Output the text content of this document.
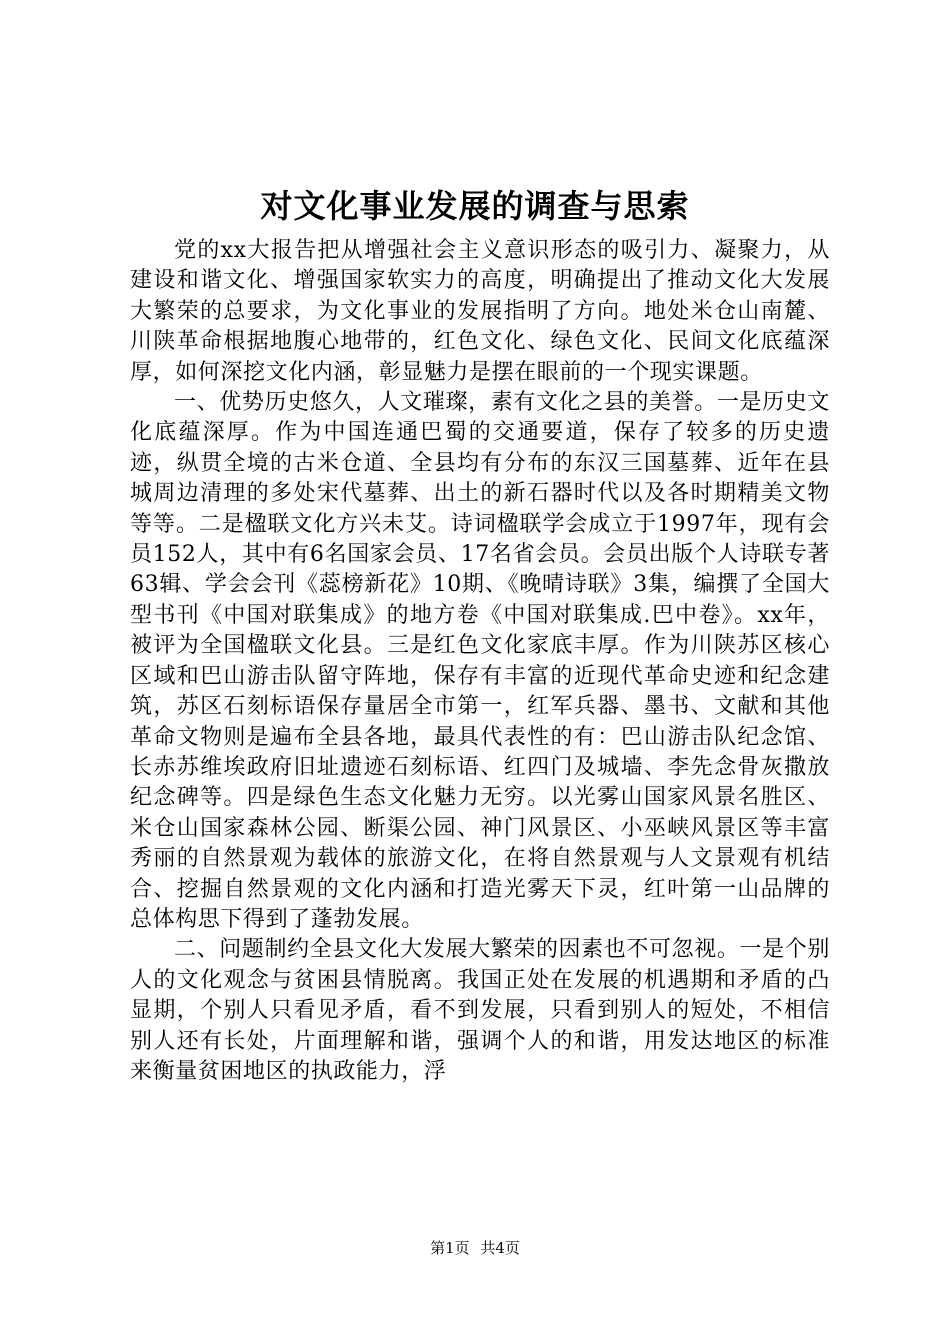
对文化事业发展的调查与思索

党的xx大报告把从增强社会主义意识形态的吸引力、凝聚力，从建设和谐文化、增强国家软实力的高度，明确提出了推动文化大发展大繁荣的总要求，为文化事业的发展指明了方向。地处米仓山南麓、川陕革命根据地腹心地带的，红色文化、绿色文化、民间文化底蕴深厚，如何深挖文化内涵，彰显魅力是摆在眼前的一个现实课题。

一、优势历史悠久，人文璀璨，素有文化之县的美誉。一是历史文化底蕴深厚。作为中国连通巴蜀的交通要道，保存了较多的历史遗迹，纵贯全境的古米仓道、全县均有分布的东汉三国墓葬、近年在县城周边清理的多处宋代墓葬、出土的新石器时代以及各时期精美文物等等。二是楹联文化方兴未艾。诗词楹联学会成立于1997年，现有会员152人，其中有6名国家会员、17名省会员。会员出版个人诗联专著63辑、学会会刊《蕊榜新花》10期、《晚晴诗联》3集，编撰了全国大型书刊《中国对联集成》的地方卷《中国对联集成.巴中卷》。xx年，被评为全国楹联文化县。三是红色文化家底丰厚。作为川陕苏区核心区域和巴山游击队留守阵地，保存有丰富的近现代革命史迹和纪念建筑，苏区石刻标语保存量居全市第一，红军兵器、墨书、文献和其他革命文物则是遍布全县各地，最具代表性的有：巴山游击队纪念馆、长赤苏维埃政府旧址遗迹石刻标语、红四门及城墙、李先念骨灰撒放纪念碑等。四是绿色生态文化魅力无穷。以光雾山国家风景名胜区、米仓山国家森林公园、断渠公园、神门风景区、小巫峡风景区等丰富秀丽的自然景观为载体的旅游文化，在将自然景观与人文景观有机结合、挖掘自然景观的文化内涵和打造光雾天下灵，红叶第一山品牌的总体构思下得到了蓬勃发展。

二、问题制约全县文化大发展大繁荣的因素也不可忽视。一是个别人的文化观念与贫困县情脱离。我国正处在发展的机遇期和矛盾的凸显期，个别人只看见矛盾，看不到发展，只看到别人的短处，不相信别人还有长处，片面理解和谐，强调个人的和谐，用发达地区的标准来衡量贫困地区的执政能力，浮

第1页 共4页
